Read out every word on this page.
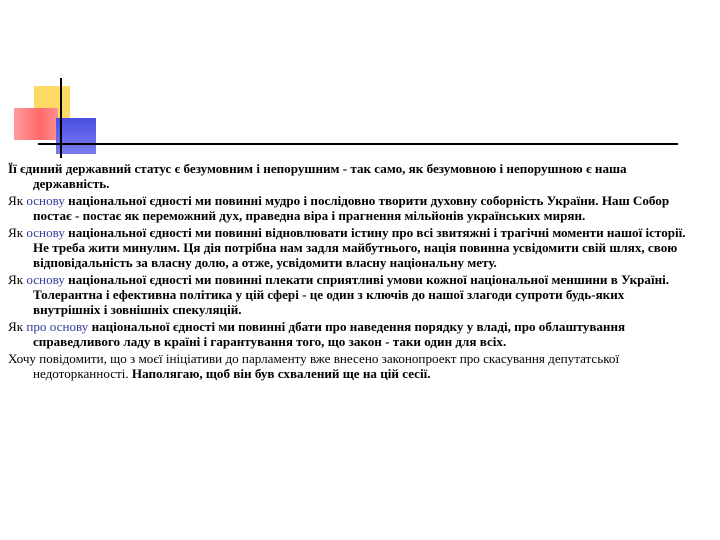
Її єдиний державний статус є безумовним і непорушним - так само, як безумовною і непорушною є наша державність.

Як основу національної єдності ми повинні мудро і послідовно творити духовну соборність України. Наш Собор постає - постає як переможний дух, праведна віра і прагнення мільйонів українських мирян.

Як основу національної єдності ми повинні відновлювати істину про всі звитяжні і трагічні моменти нашої історії. Не треба жити минулим. Ця дія потрібна нам задля майбутнього, нація повинна усвідомити свій шлях, свою відповідальність за власну долю, а отже, усвідомити власну національну мету.

Як основу національної єдності ми повинні плекати сприятливі умови кожної національної меншини в Україні. Толерантна і ефективна політика у цій сфері - це один з ключів до нашої злагоди супроти будь-яких внутрішніх і зовнішніх спекуляцій.

Як про основу національної єдності ми повинні дбати про наведення порядку у владі, про облаштування справедливого ладу в країні і гарантування того, що закон - таки один для всіх.

Хочу повідомити, що з моєї ініціативи до парламенту вже внесено законопроект про скасування депутатської недоторканності. Наполягаю, щоб він був схвалений ще на цій сесії.
